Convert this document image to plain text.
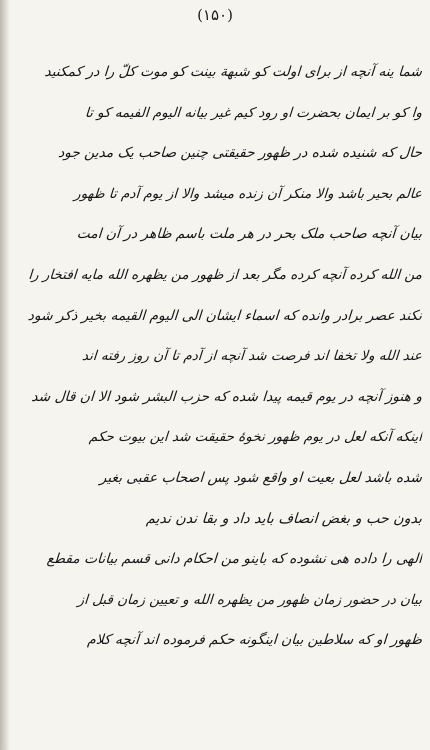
(۱۵۰)
شما ینه آنچه از برای اولت کو شبهة بینت کو موت کلّ را در کمکنید
وا کو بر ایمان بحضرت او رود کیم غیر بیانه الیوم الفیمه کو تا
حال که شنیده شده در ظهور حقیقتی چنین صاحب یک مدین جود
عالم بحیر باشد والا منکر آن زنده میشد والا از یوم آدم تا ظهور
بیان آنچه صاحب ملک بحر در هر ملت باسم ظاهر در آن امت
من الله کرده آنچه کرده مگر بعد از ظهور من یظهره الله مایه افتخار را
نکند عصر برادر وانده که اسماء ایشان الی الیوم القیمه بخیر ذکر شود
عند الله ولا تخفا اند فرصت شد آنچه از آدم تا آن روز رفته اند
و هنوز آنچه در یوم قیمه پیدا شده که حزب البشر شود الا ان قال شد
اینکه آنکه لعل در یوم ظهور نخوهٔ حقیقت شد این بیوت حکم
شده باشد لعل بعیت او واقع شود پس اصحاب عقبی بغیر
بدون حب و بغض انصاف باید داد و بقا ندن ندیم
الهی را داده هی نشوده که باینو من احکام دانی قسم بیانات مقطع
بیان در حضور زمان ظهور من یظهره الله و تعیین زمان قبل از
ظهور او که سلاطین بیان اینگونه حکم فرموده اند آنچه کلام
